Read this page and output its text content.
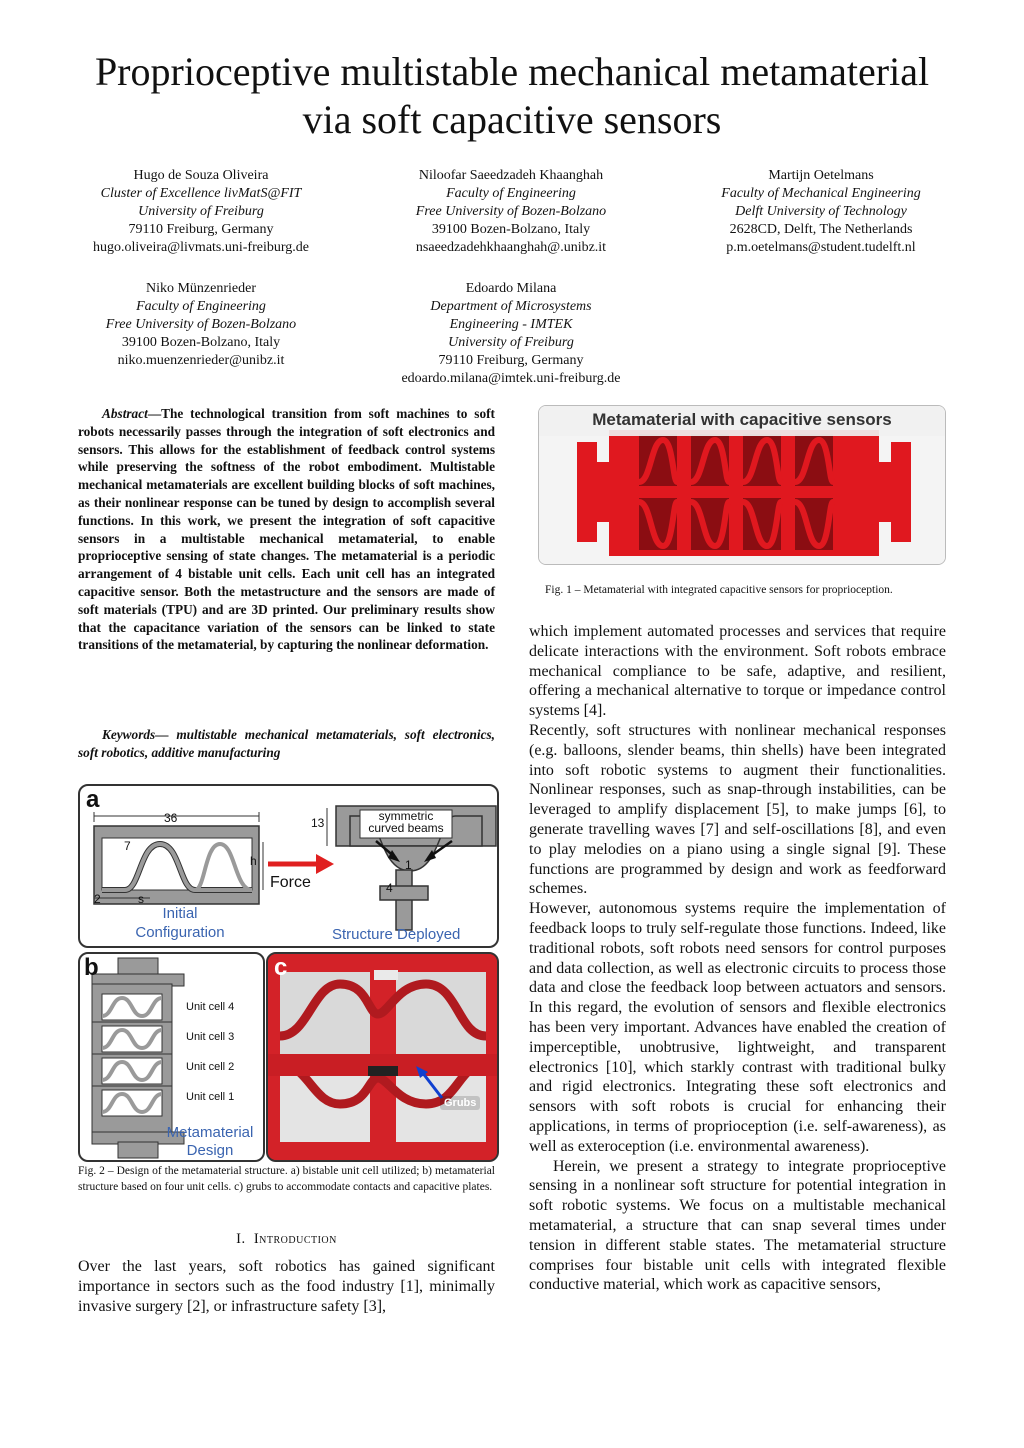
Proprioceptive multistable mechanical metamaterial
via soft capacitive sensors
Hugo de Souza Oliveira
Cluster of Excellence livMatS@FIT
University of Freiburg
79110 Freiburg, Germany
hugo.oliveira@livmats.uni-freiburg.de
Niloofar Saeedzadeh Khaanghah
Faculty of Engineering
Free University of Bozen-Bolzano
39100 Bozen-Bolzano, Italy
nsaeedzadehkhaanghah@.unibz.it
Martijn Oetelmans
Faculty of Mechanical Engineering
Delft University of Technology
2628CD, Delft, The Netherlands
p.m.oetelmans@student.tudelft.nl
Niko Münzenrieder
Faculty of Engineering
Free University of Bozen-Bolzano
39100 Bozen-Bolzano, Italy
niko.muenzenrieder@unibz.it
Edoardo Milana
Department of Microsystems
Engineering - IMTEK
University of Freiburg
79110 Freiburg, Germany
edoardo.milana@imtek.uni-freiburg.de
Abstract—The technological transition from soft machines to soft robots necessarily passes through the integration of soft electronics and sensors. This allows for the establishment of feedback control systems while preserving the softness of the robot embodiment. Multistable mechanical metamaterials are excellent building blocks of soft machines, as their nonlinear response can be tuned by design to accomplish several functions. In this work, we present the integration of soft capacitive sensors in a multistable mechanical metamaterial, to enable proprioceptive sensing of state changes. The metamaterial is a periodic arrangement of 4 bistable unit cells. Each unit cell has an integrated capacitive sensor. Both the metastructure and the sensors are made of soft materials (TPU) and are 3D printed. Our preliminary results show that the capacitance variation of the sensors can be linked to state transitions of the metamaterial, by capturing the nonlinear deformation.
Keywords— multistable mechanical metamaterials, soft electronics, soft robotics, additive manufacturing
a
36
7
13
h
2	s
1
4
Force
symmetric
curved beams
Initial
Configuration	Structure Deployed
b
Unit cell 4
Unit cell 3
Unit cell 2
Unit cell 1
Metamaterial
Design
c
Grubs
Fig. 2 – Design of the metamaterial structure. a) bistable unit cell utilized; b) metamaterial structure based on four unit cells. c) grubs to accommodate contacts and capacitive plates.
I. Introduction
Over the last years, soft robotics has gained significant importance in sectors such as the food industry [1], minimally invasive surgery [2], or infrastructure safety [3],
Metamaterial with capacitive sensors
Fig. 1 – Metamaterial with integrated capacitive sensors for proprioception.
which implement automated processes and services that require delicate interactions with the environment. Soft robots embrace mechanical compliance to be safe, adaptive, and resilient, offering a mechanical alternative to torque or impedance control systems [4].
Recently, soft structures with nonlinear mechanical responses (e.g. balloons, slender beams, thin shells) have been integrated into soft robotic systems to augment their functionalities. Nonlinear responses, such as snap-through instabilities, can be leveraged to amplify displacement [5], to make jumps [6], to generate travelling waves [7] and self-oscillations [8], and even to play melodies on a piano using a single signal [9]. These functions are programmed by design and work as feedforward schemes.
However, autonomous systems require the implementation of feedback loops to truly self-regulate those functions. Indeed, like traditional robots, soft robots need sensors for control purposes and data collection, as well as electronic circuits to process those data and close the feedback loop between actuators and sensors. In this regard, the evolution of sensors and flexible electronics has been very important. Advances have enabled the creation of imperceptible, unobtrusive, lightweight, and transparent electronics [10], which starkly contrast with traditional bulky and rigid electronics. Integrating these soft electronics and sensors with soft robots is crucial for enhancing their applications, in terms of proprioception (i.e. self-awareness), as well as exteroception (i.e. environmental awareness).
Herein, we present a strategy to integrate proprioceptive sensing in a nonlinear soft structure for potential integration in soft robotic systems. We focus on a multistable mechanical metamaterial, a structure that can snap several times under tension in different stable states. The metamaterial structure comprises four bistable unit cells with integrated flexible conductive material, which work as capacitive sensors,
